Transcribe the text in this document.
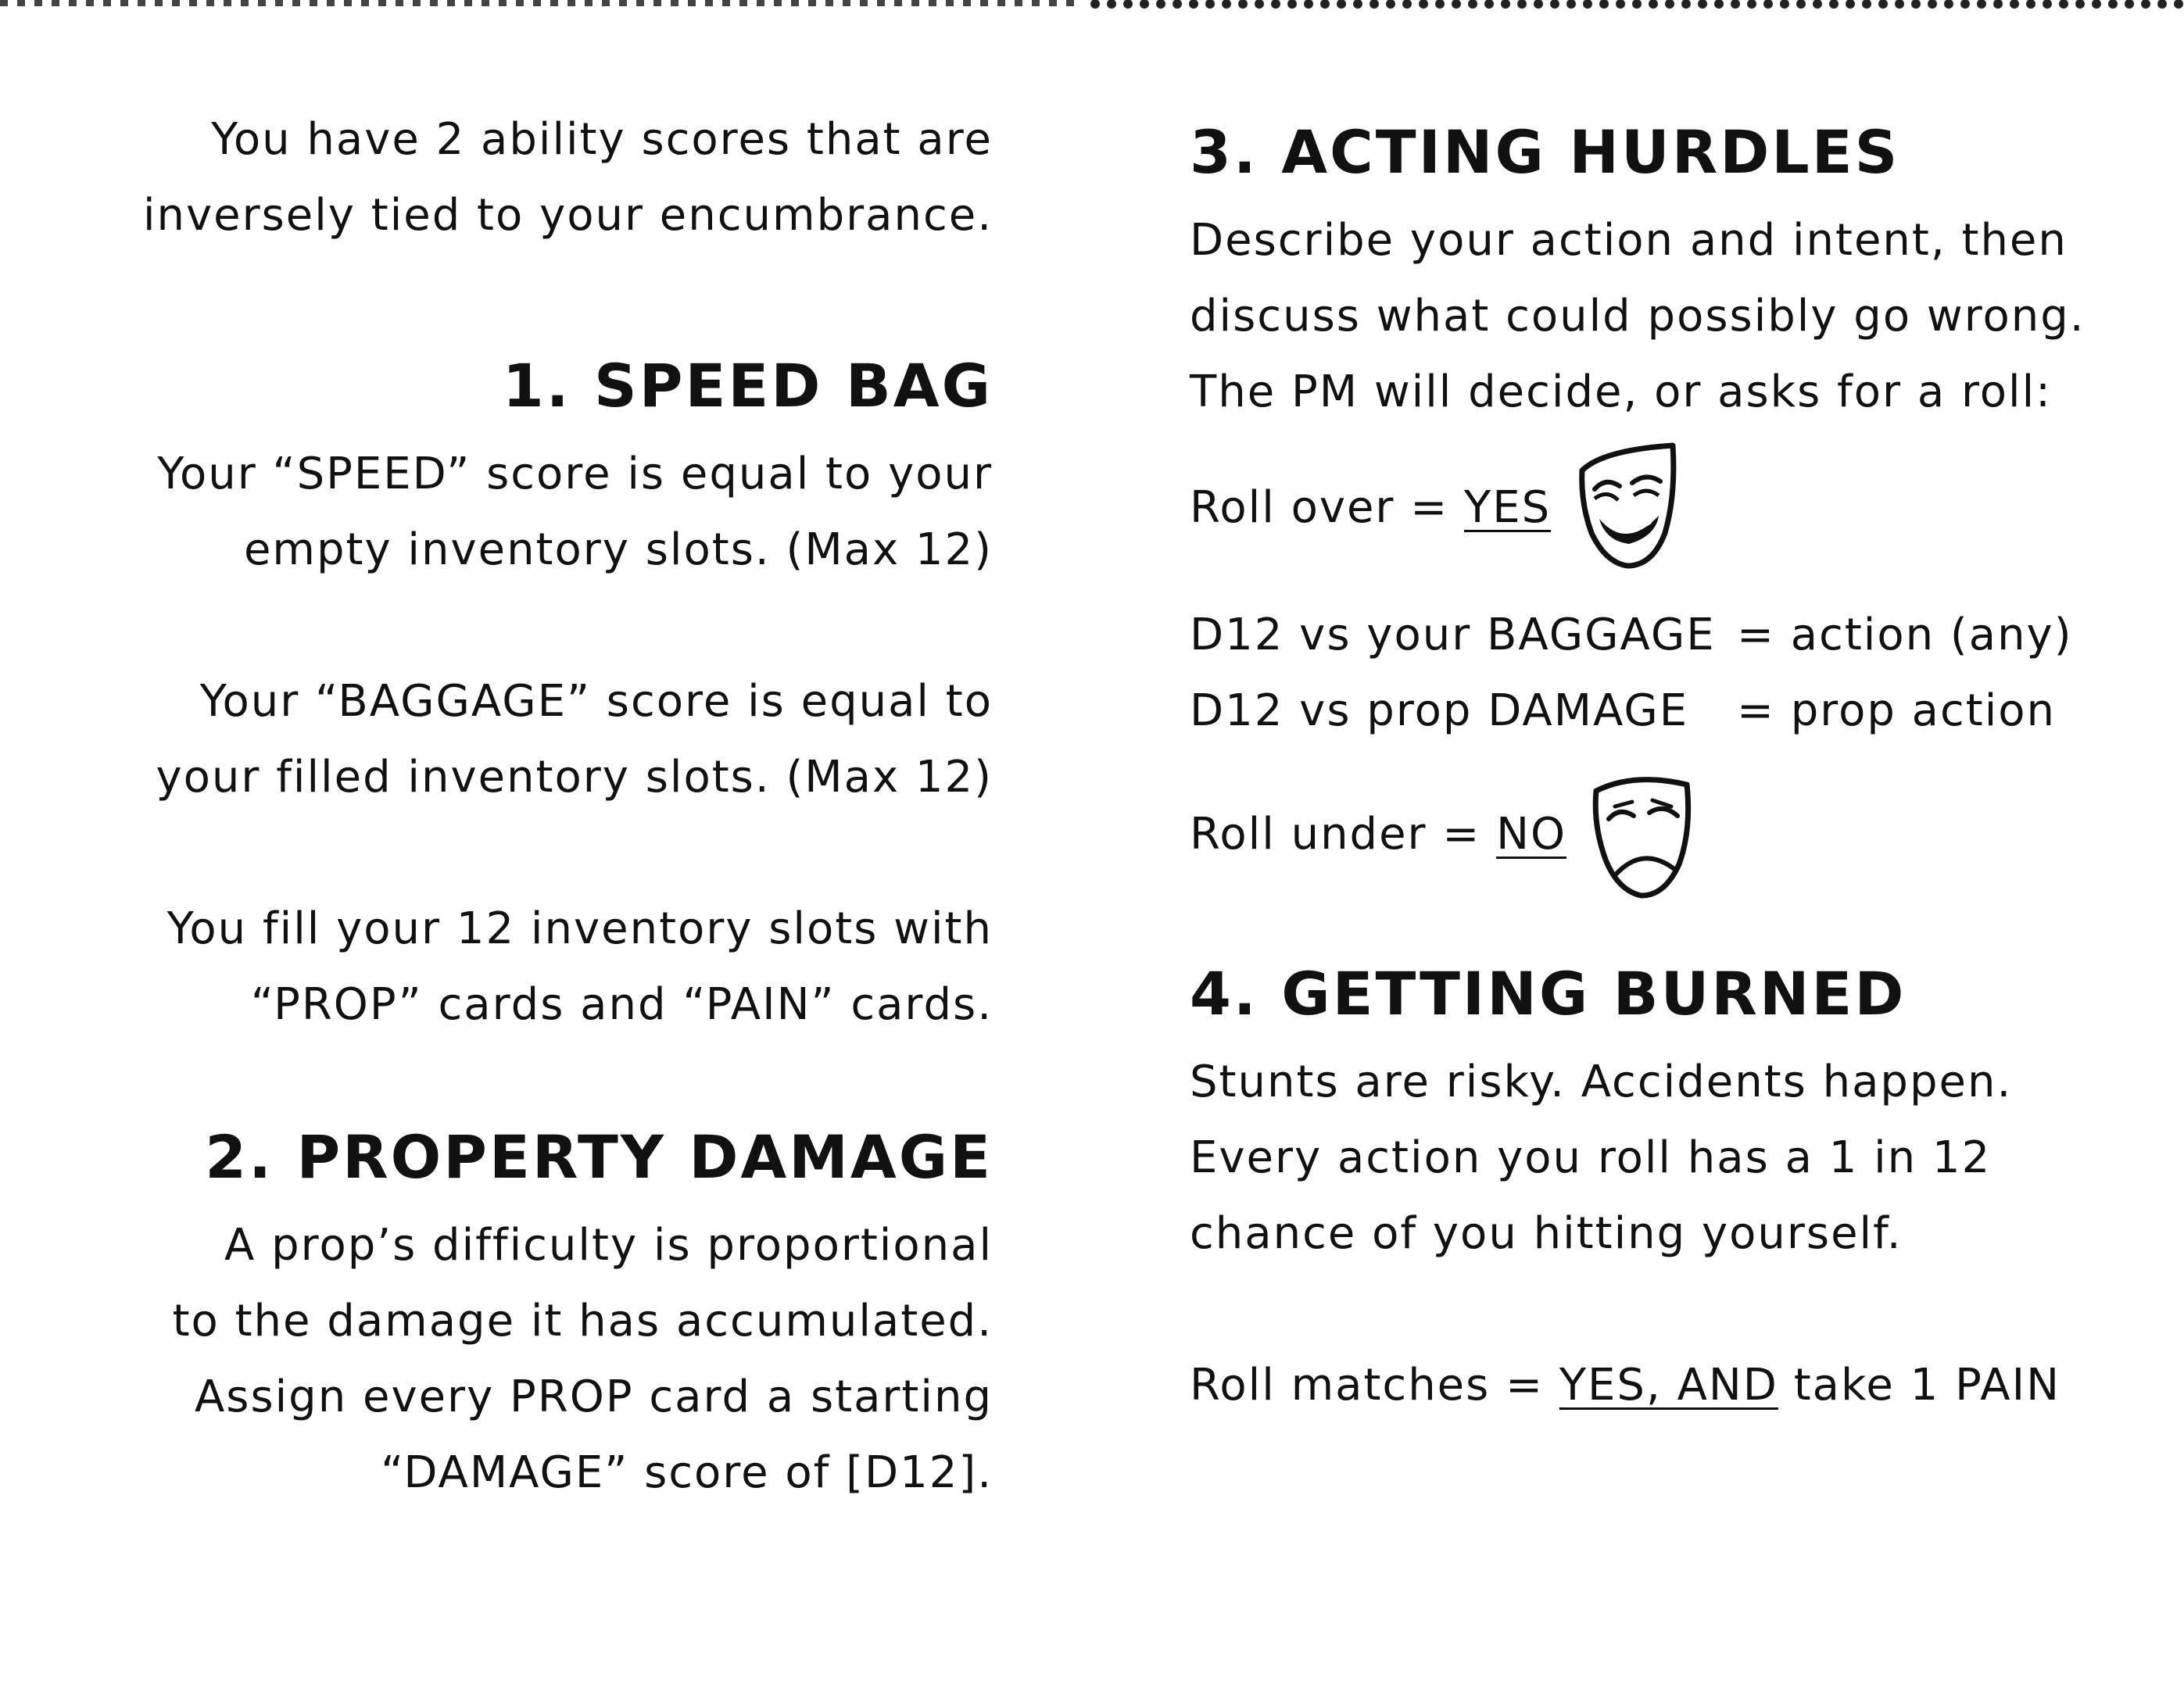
You have 2 ability scores that are
inversely tied to your encumbrance.

1. SPEED BAG

Your “SPEED” score is equal to your
empty inventory slots. (Max 12)

Your “BAGGAGE” score is equal to
your filled inventory slots. (Max 12)

You fill your 12 inventory slots with
“PROP” cards and “PAIN” cards.

2. PROPERTY DAMAGE

A prop’s difficulty is proportional
to the damage it has accumulated.
Assign every PROP card a starting
“DAMAGE” score of [D12].

3. ACTING HURDLES

Describe your action and intent, then
discuss what could possibly go wrong.
The PM will decide, or asks for a roll:

Roll over = YES
D12 vs your BAGGAGE = action (any)
D12 vs prop DAMAGE	= prop action
Roll under = NO
4. GETTING BURNED

Stunts are risky. Accidents happen.
Every action you roll has a 1 in 12
chance of you hitting yourself.

Roll matches = YES, AND take 1 PAIN
